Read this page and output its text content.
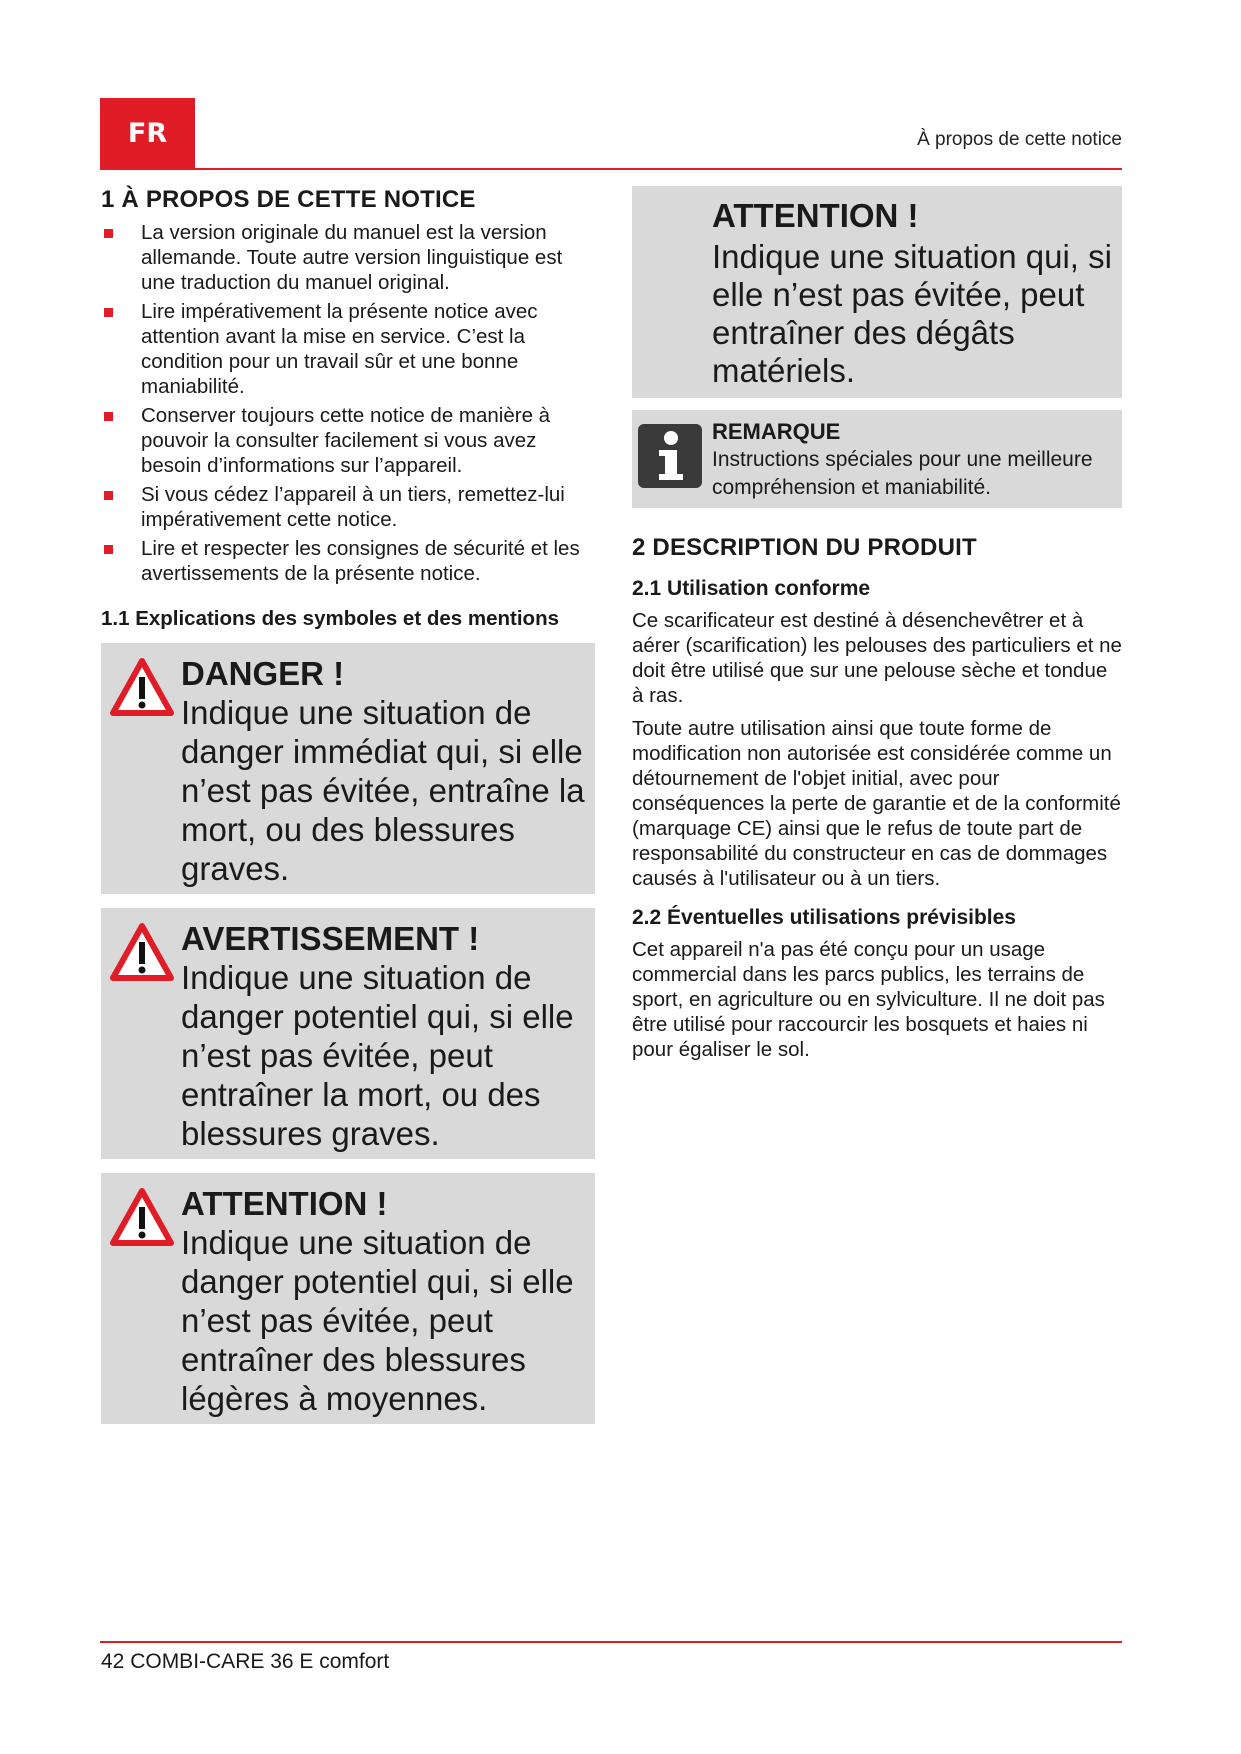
FR	À propos de cette notice
1 À PROPOS DE CETTE NOTICE
La version originale du manuel est la version allemande. Toute autre version linguistique est une traduction du manuel original.
Lire impérativement la présente notice avec attention avant la mise en service. C’est la condition pour un travail sûr et une bonne maniabilité.
Conserver toujours cette notice de manière à pouvoir la consulter facilement si vous avez besoin d’informations sur l’appareil.
Si vous cédez l’appareil à un tiers, remettez-lui impérativement cette notice.
Lire et respecter les consignes de sécurité et les avertissements de la présente notice.
1.1 Explications des symboles et des mentions
DANGER !
Indique une situation de danger immédiat qui, si elle n’est pas évitée, entraîne la mort, ou des blessures graves.
AVERTISSEMENT !
Indique une situation de danger potentiel qui, si elle n’est pas évitée, peut entraîner la mort, ou des blessures graves.
ATTENTION !
Indique une situation de danger potentiel qui, si elle n’est pas évitée, peut entraîner des blessures légères à moyennes.
ATTENTION !
Indique une situation qui, si elle n’est pas évitée, peut entraîner des dégâts matériels.
REMARQUE
Instructions spéciales pour une meilleure compréhension et maniabilité.
2 DESCRIPTION DU PRODUIT
2.1 Utilisation conforme

Ce scarificateur est destiné à désenchevêtrer et à aérer (scarification) les pelouses des particuliers et ne doit être utilisé que sur une pelouse sèche et tondue à ras.

Toute autre utilisation ainsi que toute forme de modification non autorisée est considérée comme un détournement de l'objet initial, avec pour conséquences la perte de garantie et de la conformité (marquage CE) ainsi que le refus de toute part de responsabilité du constructeur en cas de dommages causés à l'utilisateur ou à un tiers.

2.2 Éventuelles utilisations prévisibles

Cet appareil n'a pas été conçu pour un usage commercial dans les parcs publics, les terrains de sport, en agriculture ou en sylviculture. Il ne doit pas être utilisé pour raccourcir les bosquets et haies ni pour égaliser le sol.

42 COMBI-CARE 36 E comfort
